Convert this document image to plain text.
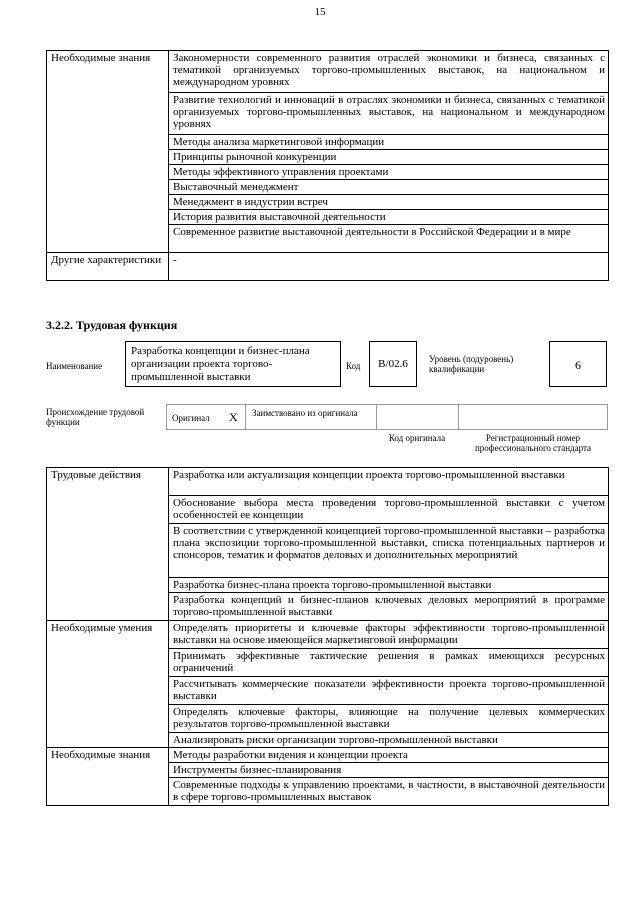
15
Необходимые знания	Закономерности современного развития отраслей экономики и бизнеса, связанных с тематикой организуемых торгово-промышленных выставок, на национальном и международном уровнях
	Развитие технологий и инноваций в отраслях экономики и бизнеса, связанных с тематикой организуемых торгово-промышленных выставок, на национальном и международном уровнях
	Методы анализа маркетинговой информации
	Принципы рыночной конкуренции
	Методы эффективного управления проектами
	Выставочный менеджмент
	Менеджмент в индустрии встреч
	История развития выставочной деятельности
	Современное развитие выставочной деятельности в Российской Федерации и в мире
Другие характеристики	-
3.2.2. Трудовая функция
Наименование
Разработка концепции и бизнес-плана организации проекта торгово-промышленной выставки
Код	B/02.6	Уровень (подуровень) квалификации	6
Происхождение трудовой функции	Оригинал X Заимствовано из оригинала
Код оригинала	Регистрационный номер профессионального стандарта
Трудовые действия	Разработка или актуализация концепции проекта торгово-промышленной выставки
	Обоснование выбора места проведения торгово-промышленной выставки с учетом особенностей ее концепции
	В соответствии с утвержденной концепцией торгово-промышленной выставки – разработка плана экспозиции торгово-промышленной выставки, списка потенциальных партнеров и спонсоров, тематик и форматов деловых и дополнительных мероприятий
	Разработка бизнес-плана проекта торгово-промышленной выставки
	Разработка концепций и бизнес-планов ключевых деловых мероприятий в программе торгово-промышленной выставки
Необходимые умения	Определять приоритеты и ключевые факторы эффективности торгово-промышленной выставки на основе имеющейся маркетинговой информации
	Принимать эффективные тактические решения в рамках имеющихся ресурсных ограничений
	Рассчитывать коммерческие показатели эффективности проекта торгово-промышленной выставки
	Определять ключевые факторы, влияющие на получение целевых коммерческих результатов торгово-промышленной выставки
	Анализировать риски организации торгово-промышленной выставки
Необходимые знания	Методы разработки видения и концепции проекта
	Инструменты бизнес-планирования
	Современные подходы к управлению проектами, в частности, в выставочной деятельности в сфере торгово-промышленных выставок
